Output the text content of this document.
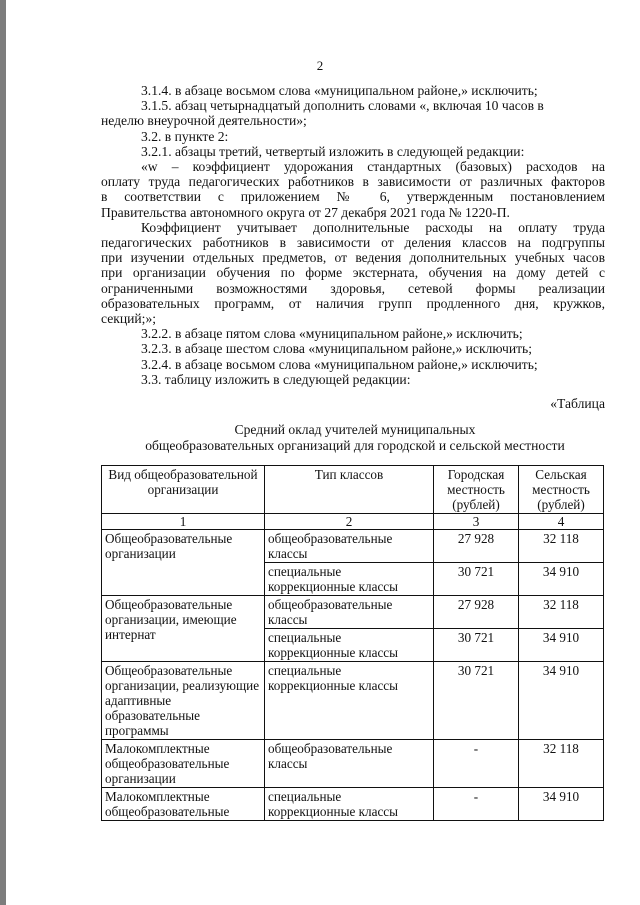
2

3.1.4. в абзаце восьмом слова «муниципальном районе,» исключить;

3.1.5. абзац четырнадцатый дополнить словами «, включая 10 часов в

неделю внеурочной деятельности»;

3.2. в пункте 2:

3.2.1. абзацы третий, четвертый изложить в следующей редакции:

«w – коэффициент удорожания стандартных (базовых) расходов на

оплату труда педагогических работников в зависимости от различных факторов

в соответствии с приложением № 6, утвержденным постановлением

Правительства автономного округа от 27 декабря 2021 года № 1220-П.

Коэффициент учитывает дополнительные расходы на оплату труда

педагогических работников в зависимости от деления классов на подгруппы

при изучении отдельных предметов, от ведения дополнительных учебных часов

при организации обучения по форме экстерната, обучения на дому детей с

ограниченными возможностями здоровья, сетевой формы реализации

образовательных программ, от наличия групп продленного дня, кружков,

секций;»;

3.2.2. в абзаце пятом слова «муниципальном районе,» исключить;

3.2.3. в абзаце шестом слова «муниципальном районе,» исключить;

3.2.4. в абзаце восьмом слова «муниципальном районе,» исключить;

3.3. таблицу изложить в следующей редакции:

«Таблица

Средний оклад учителей муниципальных
общеобразовательных организаций для городской и сельской местности
Вид общеобразовательной организации	Тип классов	Городская местность (рублей)	Сельская местность (рублей)
1	2	3	4
Общеобразовательные организации	общеобразовательные классы	27 928	32 118
	специальные коррекционные классы	30 721	34 910
Общеобразовательные организации, имеющие интернат	общеобразовательные классы	27 928	32 118
	специальные коррекционные классы	30 721	34 910
Общеобразовательные организации, реализующие адаптивные образовательные программы	специальные коррекционные классы	30 721	34 910
Малокомплектные общеобразовательные организации	общеобразовательные классы	-	32 118
Малокомплектные общеобразовательные	специальные коррекционные классы	-	34 910
